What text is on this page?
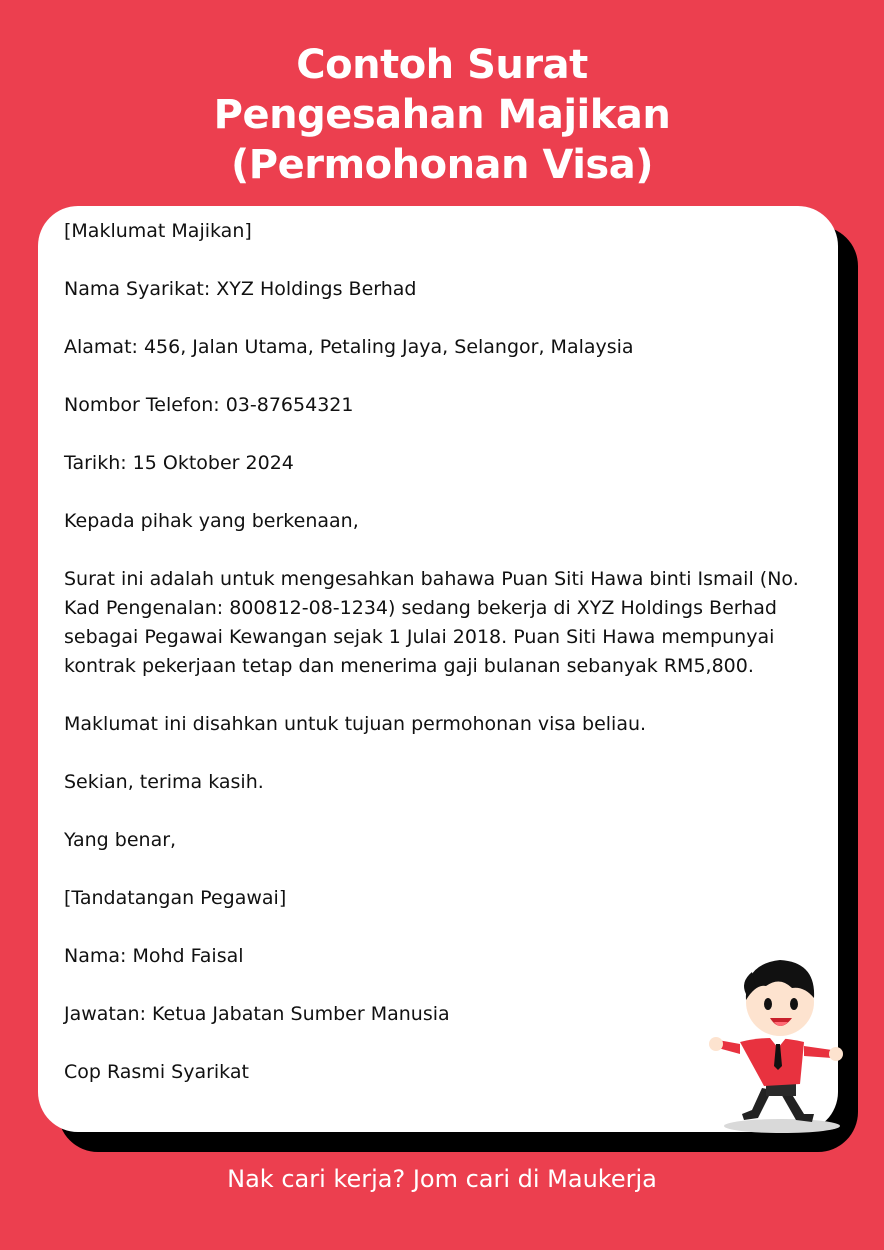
Contoh Surat
Pengesahan Majikan
(Permohonan Visa)

[Maklumat Majikan]

Nama Syarikat: XYZ Holdings Berhad

Alamat: 456, Jalan Utama, Petaling Jaya, Selangor, Malaysia

Nombor Telefon: 03-87654321

Tarikh: 15 Oktober 2024

Kepada pihak yang berkenaan,

Surat ini adalah untuk mengesahkan bahawa Puan Siti Hawa binti Ismail (No. Kad Pengenalan: 800812-08-1234) sedang bekerja di XYZ Holdings Berhad sebagai Pegawai Kewangan sejak 1 Julai 2018. Puan Siti Hawa mempunyai kontrak pekerjaan tetap dan menerima gaji bulanan sebanyak RM5,800.

Maklumat ini disahkan untuk tujuan permohonan visa beliau.

Sekian, terima kasih.

Yang benar,

[Tandatangan Pegawai]

Nama: Mohd Faisal

Jawatan: Ketua Jabatan Sumber Manusia

Cop Rasmi Syarikat

Nak cari kerja? Jom cari di Maukerja
